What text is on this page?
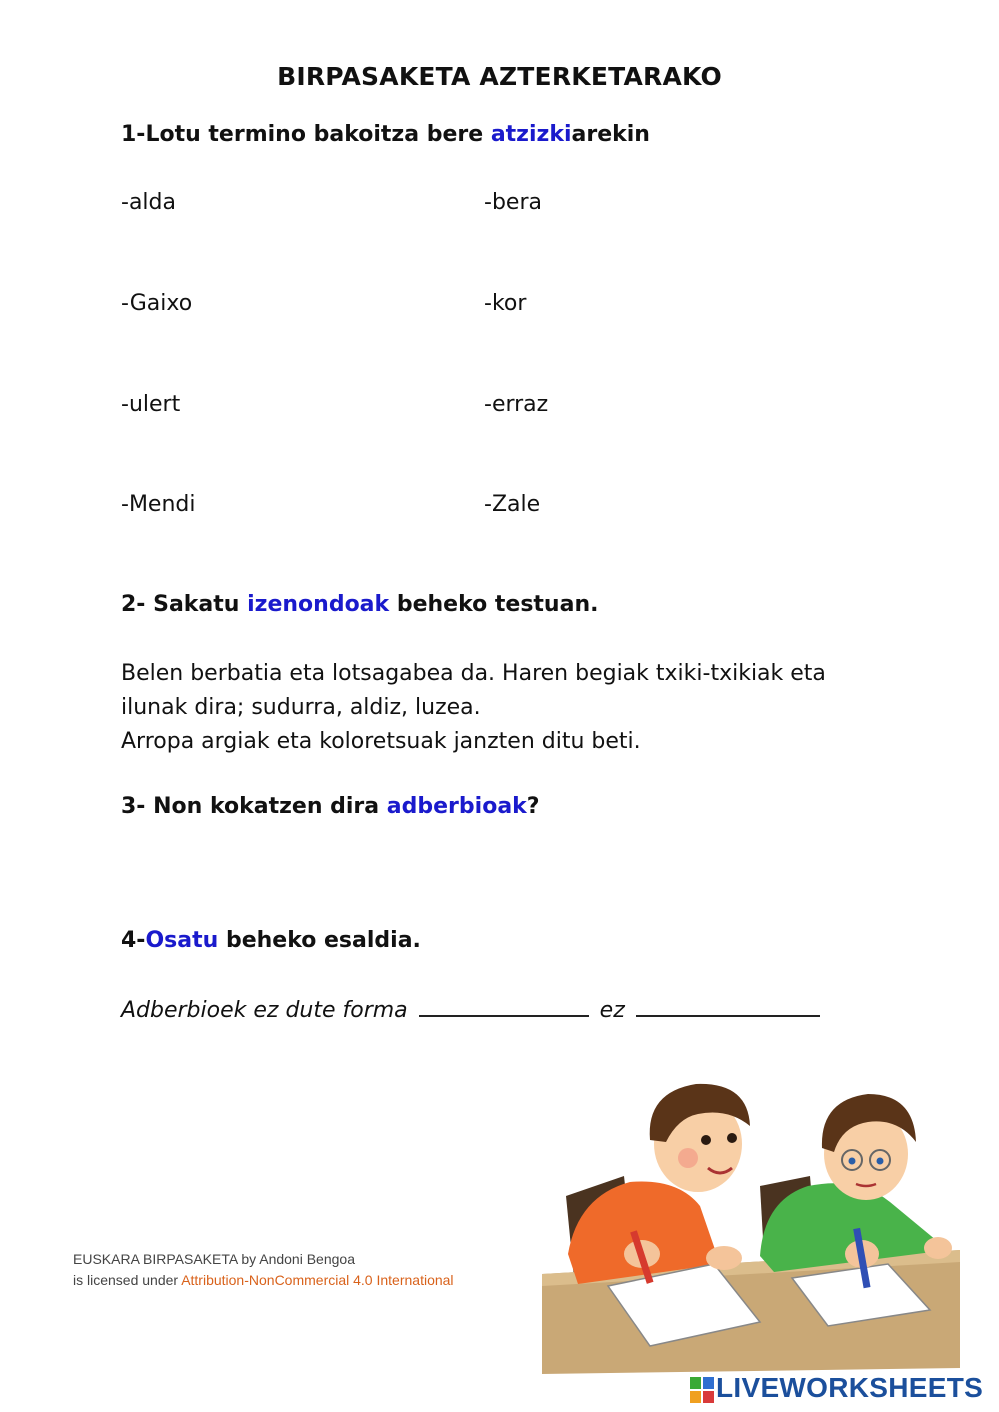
BIRPASAKETA AZTERKETARAKO
1-Lotu termino bakoitza bere atzizkiarekin
-alda	-bera
-Gaixo	-kor
-ulert	-erraz
-Mendi	-Zale
2- Sakatu izenondoak beheko testuan.
Belen berbatia eta lotsagabea da. Haren begiak txiki-txikiak eta
ilunak dira; sudurra, aldiz, luzea.
Arropa argiak eta koloretsuak janzten ditu beti.
3- Non kokatzen dira adberbioak?
4-Osatu beheko esaldia.
Adberbioek ez dute forma	ez
EUSKARA BIRPASAKETA by Andoni Bengoa
is licensed under Attribution-NonCommercial 4.0 International
LIVEWORKSHEETS
